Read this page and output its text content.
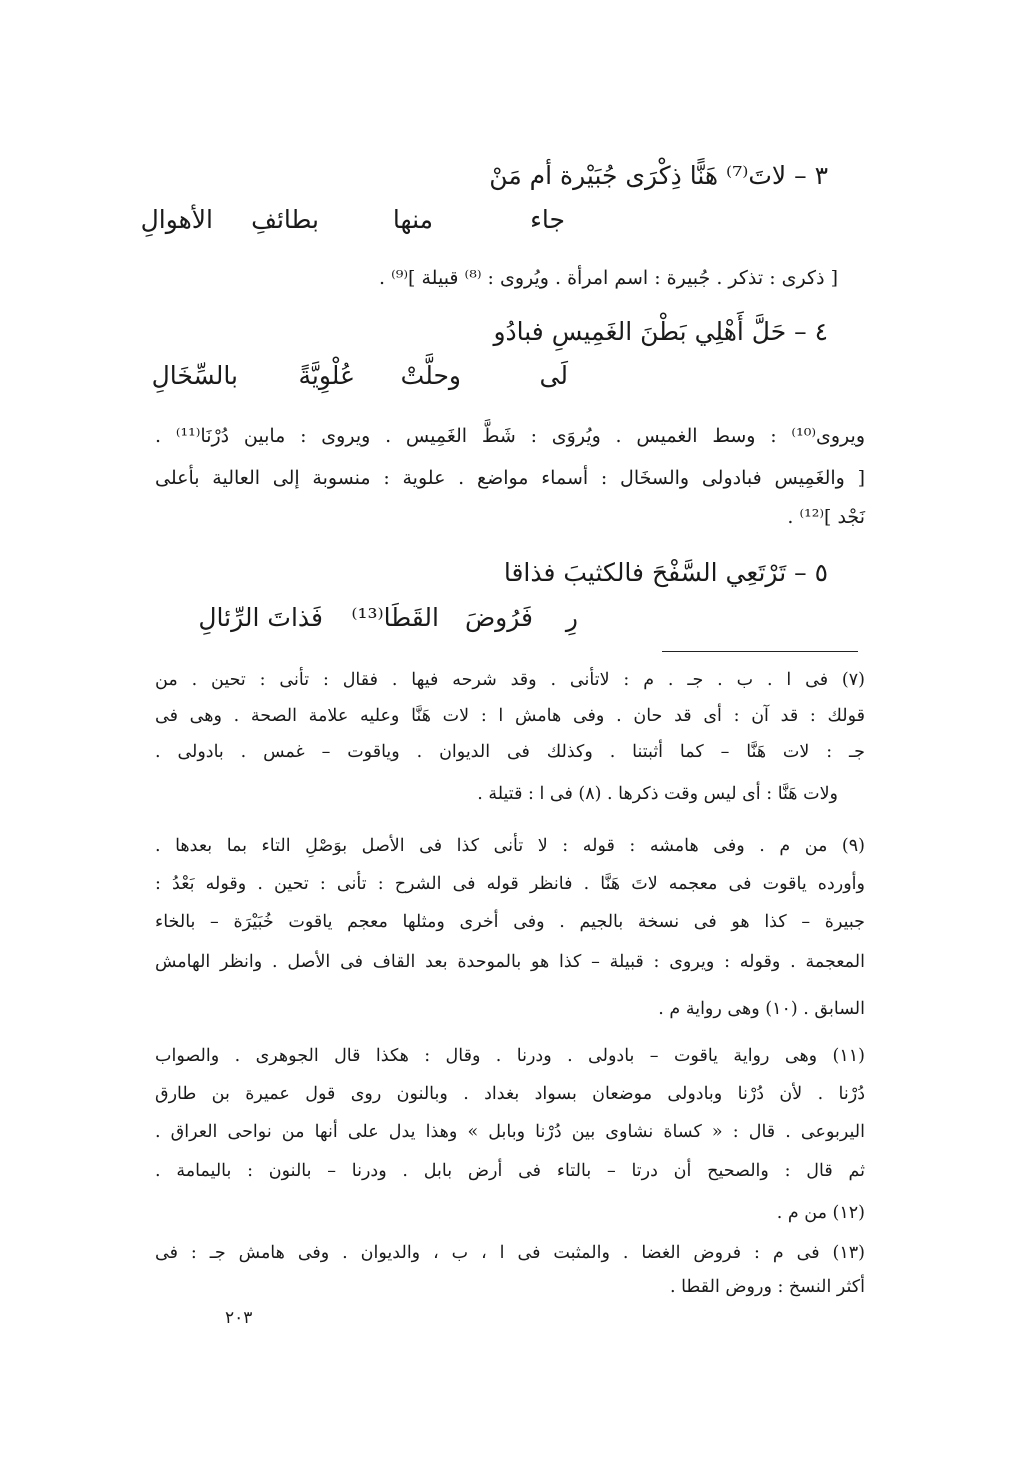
٣ – لاتَ⁽⁷⁾ هَنًّا ذِكْرَى جُبَيْرة أم مَنْ
جاء
منها
بطائفِ
الأهوالِ
[ ذكرى : تذكر . جُبيرة : اسم امرأة . ويُروى : ⁽⁸⁾ قبيلة ]⁽⁹⁾ .
٤ – حَلَّ أَهْلِي بَطْنَ الغَمِيسِ فبادُو
لَى
وحلَّتْ
عُلْوِيَّةً
بالسِّخَالِ
ويروى⁽¹⁰⁾ : وسط الغميس . ويُروَى : شَطَّ الغَمِيس . ويروى : مابين دُرْنَا⁽¹¹⁾ .
[ والغَمِيس فبادولى والسخَال : أسماء مواضع . علوية : منسوبة إلى العالية بأعلى
نَجْد ]⁽¹²⁾ .
٥ – تَرْتَعِي السَّفْحَ فالكثيبَ فذاقا
رِ
فَرُوضَ
القَطَا⁽¹³⁾
فَذاتَ الرِّئالِ
(٧) فى ا . ب . جـ . م : لاتأنى . وقد شرحه فيها . فقال : تأنى : تحين . من
قولك : قد آن : أى قد حان . وفى هامش ا : لات هَنَّا وعليه علامة الصحة . وهى فى
جـ : لات هَنَّا – كما أثبتنا . وكذلك فى الديوان . وياقوت – غمس . بادولى .
ولات هَنَّا : أى ليس وقت ذكرها . (٨) فى ا : قتيلة .
(٩) من م . وفى هامشه : قوله : لا تأنى كذا فى الأصل بوَصْلِ التاء بما بعدها .
وأورده ياقوت فى معجمه لاتَ هَنَّا . فانظر قوله فى الشرح : تأنى : تحين . وقوله بَعْدُ :
جبيرة – كذا هو فى نسخة بالجيم . وفى أخرى ومثلها معجم ياقوت خُبَيْرَة – بالخاء
المعجمة . وقوله : ويروى : قبيلة – كذا هو بالموحدة بعد القاف فى الأصل . وانظر الهامش
السابق . (١٠) وهى رواية م .
(١١) وهى رواية ياقوت – بادولى . ودرنا . وقال : هكذا قال الجوهرى . والصواب
دُرْنا . لأن دُرْنا وبادولى موضعان بسواد بغداد . وبالنون روى قول عميرة بن طارق
اليربوعى . قال : « كساة نشاوى بين دُرْنا وبابل » وهذا يدل على أنها من نواحى العراق .
ثم قال : والصحيح أن درتا – بالتاء فى أرض بابل . ودرنا – بالنون : باليمامة .
(١٢) من م .
(١٣) فى م : فروض الغضا . والمثبت فى ا ، ب ، والديوان . وفى هامش جـ : فى
أكثر النسخ : وروض القطا .
٢٠٣
